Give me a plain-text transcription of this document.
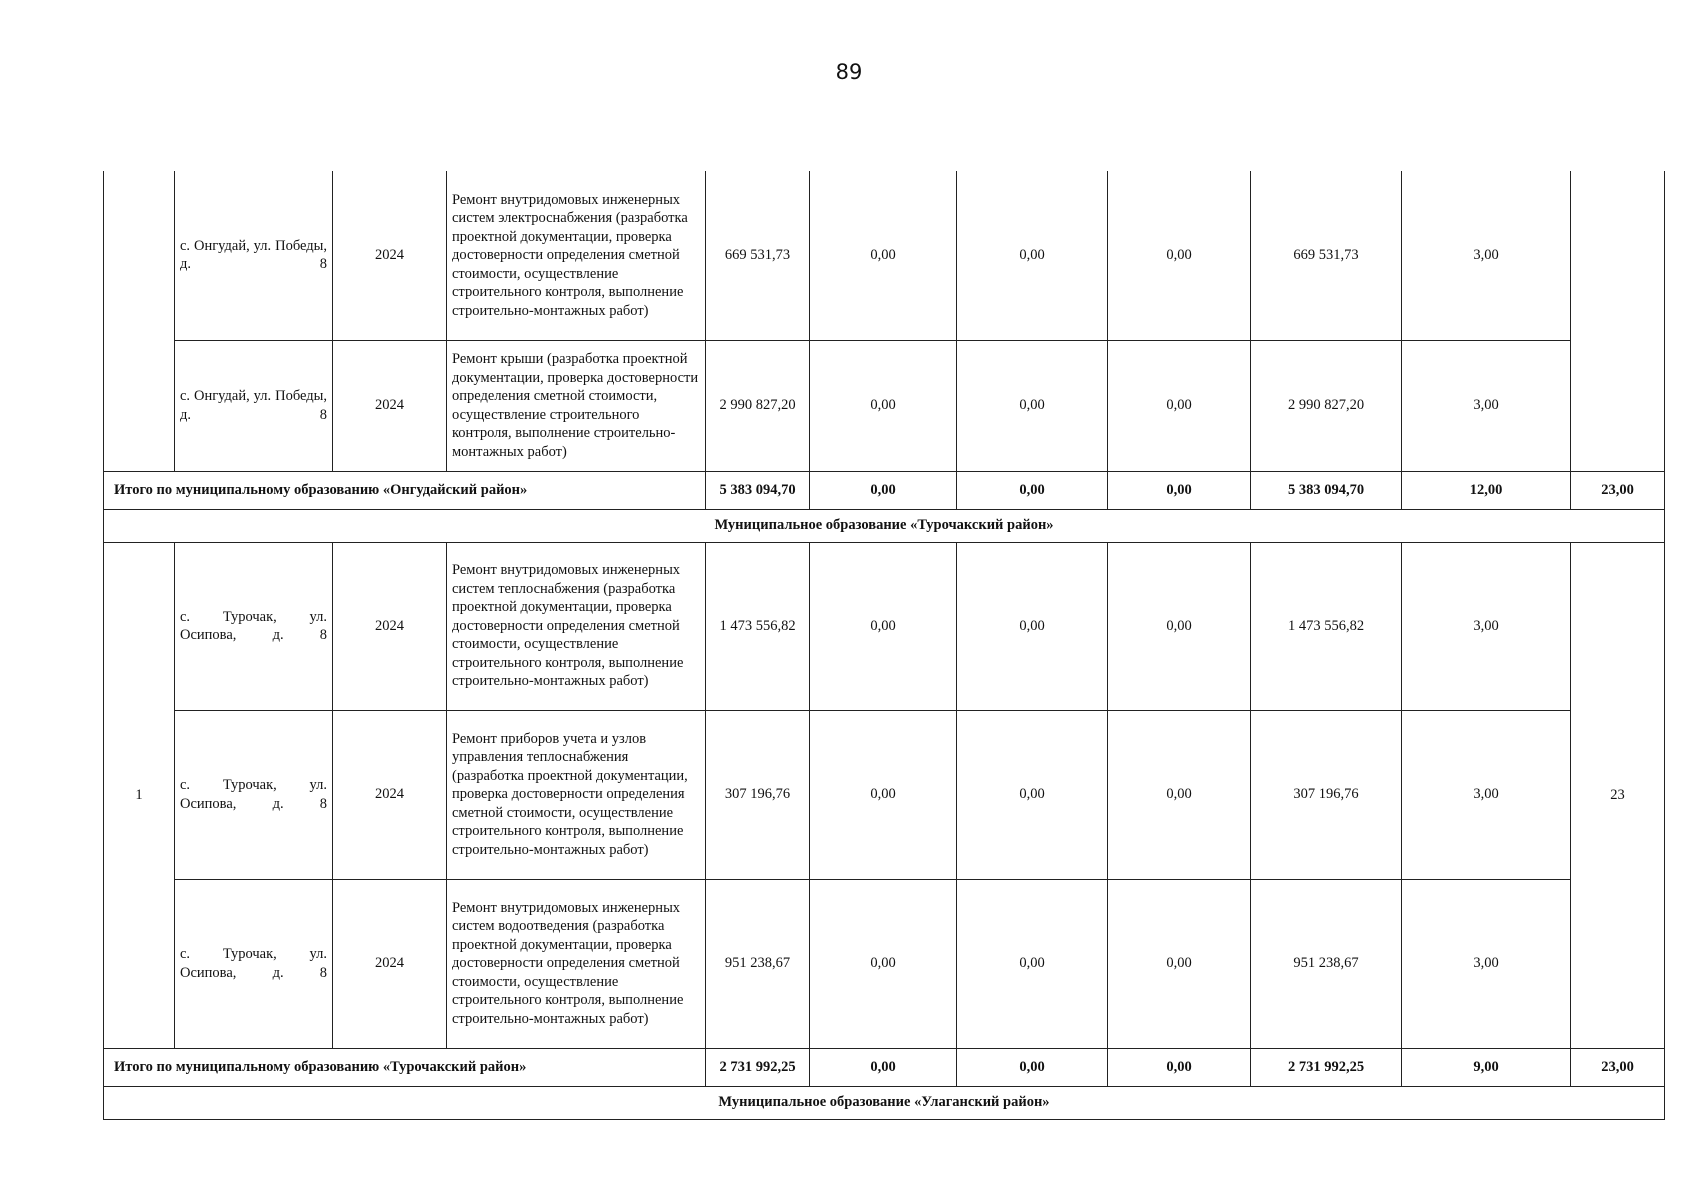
89
	с. Онгудай, ул. Победы, д. 8	2024	Ремонт внутридомовых инженерных систем электроснабжения (разработка проектной документации, проверка достоверности определения сметной стоимости, осуществление строительного контроля, выполнение строительно-монтажных работ)	669 531,73	0,00	0,00	0,00	669 531,73	3,00	
	с. Онгудай, ул. Победы, д. 8	2024	Ремонт крыши (разработка проектной документации, проверка достоверности определения сметной стоимости, осуществление строительного контроля, выполнение строительно-монтажных работ)	2 990 827,20	0,00	0,00	0,00	2 990 827,20	3,00	
Итого по муниципальному образованию «Онгудайский район»				5 383 094,70	0,00	0,00	0,00	5 383 094,70	12,00	23,00
Муниципальное образование «Турочакский район»										
1	с. Турочак, ул. Осипова, д. 8	2024	Ремонт внутридомовых инженерных систем теплоснабжения (разработка проектной документации, проверка достоверности определения сметной стоимости, осуществление строительного контроля, выполнение строительно-монтажных работ)	1 473 556,82	0,00	0,00	0,00	1 473 556,82	3,00	23
	с. Турочак, ул. Осипова, д. 8	2024	Ремонт приборов учета и узлов управления теплоснабжения (разработка проектной документации, проверка достоверности определения сметной стоимости, осуществление строительного контроля, выполнение строительно-монтажных работ)	307 196,76	0,00	0,00	0,00	307 196,76	3,00	
	с. Турочак, ул. Осипова, д. 8	2024	Ремонт внутридомовых инженерных систем водоотведения (разработка проектной документации, проверка достоверности определения сметной стоимости, осуществление строительного контроля, выполнение строительно-монтажных работ)	951 238,67	0,00	0,00	0,00	951 238,67	3,00	
Итого по муниципальному образованию «Турочакский район»				2 731 992,25	0,00	0,00	0,00	2 731 992,25	9,00	23,00
Муниципальное образование «Улаганский район»										
